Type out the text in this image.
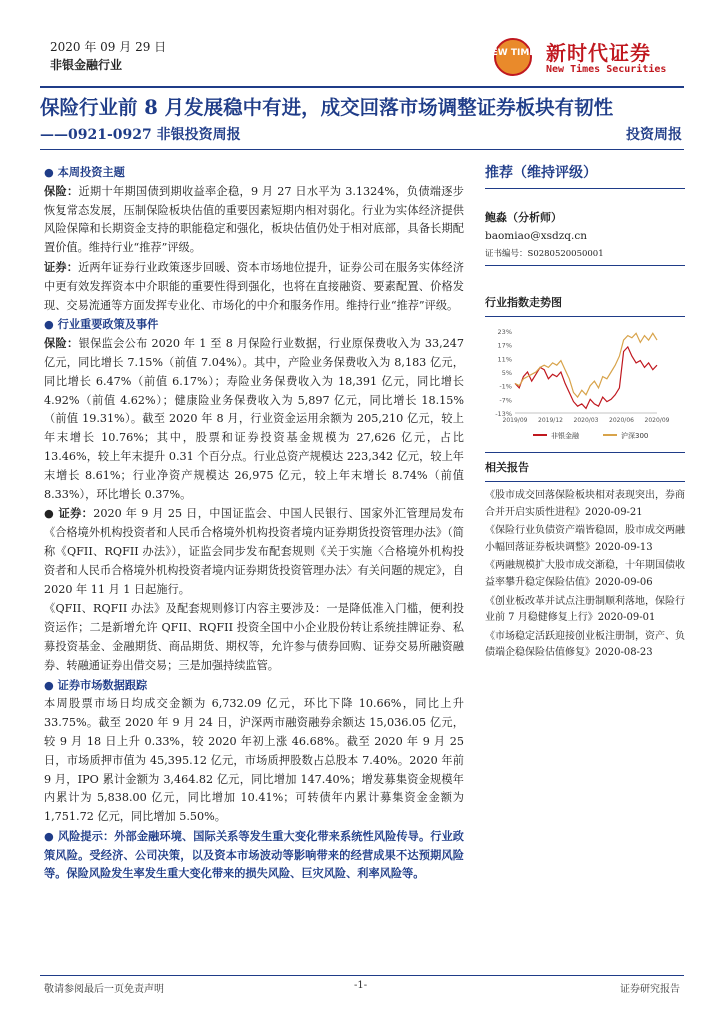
2020 年 09 月 29 日
非银金融行业
NEW TIMES 新时代证券
New Times Securities
保险行业前 8 月发展稳中有进，成交回落市场调整证券板块有韧性
——0921-0927 非银投资周报	投资周报
● 本周投资主题

保险：近期十年期国债到期收益率企稳，9 月 27 日水平为 3.1324%，负债端逐步恢复常态发展，压制保险板块估值的重要因素短期内相对弱化。行业为实体经济提供风险保障和长期资金支持的职能稳定和强化，板块估值仍处于相对底部，具备长期配置价值。维持行业“推荐”评级。

证券：近两年证券行业政策逐步回暖、资本市场地位提升，证券公司在服务实体经济中更有效发挥资本中介职能的重要性得到强化，也将在直接融资、要素配置、价格发现、交易流通等方面发挥专业化、市场化的中介和服务作用。维持行业“推荐”评级。

● 行业重要政策及事件

保险：银保监会公布 2020 年 1 至 8 月保险行业数据，行业原保费收入为 33,247 亿元，同比增长 7.15%（前值 7.04%）。其中，产险业务保费收入为 8,183 亿元，同比增长 6.47%（前值 6.17%）；寿险业务保费收入为 18,391 亿元，同比增长 4.92%（前值 4.62%）；健康险业务保费收入为 5,897 亿元，同比增长 18.15%（前值 19.31%）。截至 2020 年 8 月，行业资金运用余额为 205,210 亿元，较上年末增长 10.76%；其中，股票和证券投资基金规模为 27,626 亿元，占比 13.46%，较上年末提升 0.31 个百分点。行业总资产规模达 223,342 亿元，较上年末增长 8.61%；行业净资产规模达 26,975 亿元，较上年末增长 8.74%（前值 8.33%），环比增长 0.37%。

● 证券：2020 年 9 月 25 日，中国证监会、中国人民银行、国家外汇管理局发布《合格境外机构投资者和人民币合格境外机构投资者境内证券期货投资管理办法》（简称《QFII、RQFII 办法》），证监会同步发布配套规则《关于实施〈合格境外机构投资者和人民币合格境外机构投资者境内证券期货投资管理办法〉有关问题的规定》，自 2020 年 11 月 1 日起施行。

《QFII、RQFII 办法》及配套规则修订内容主要涉及：一是降低准入门槛，便利投资运作；二是新增允许 QFII、RQFII 投资全国中小企业股份转让系统挂牌证券、私募投资基金、金融期货、商品期货、期权等，允许参与债券回购、证券交易所融资融券、转融通证券出借交易；三是加强持续监管。

● 证券市场数据跟踪

本周股票市场日均成交金额为 6,732.09 亿元，环比下降 10.66%，同比上升 33.75%。截至 2020 年 9 月 24 日，沪深两市融资融券余额达 15,036.05 亿元，较 9 月 18 日上升 0.33%，较 2020 年初上涨 46.68%。截至 2020 年 9 月 25 日，市场质押市值为 45,395.12 亿元，市场质押股数占总股本 7.40%。2020 年前 9 月，IPO 累计金额为 3,464.82 亿元，同比增加 147.40%；增发募集资金规模年内累计为 5,838.00 亿元，同比增加 10.41%；可转债年内累计募集资金金额为 1,751.72 亿元，同比增加 5.50%。

● 风险提示：外部金融环境、国际关系等发生重大变化带来系统性风险传导。行业政策风险。受经济、公司决策，以及资本市场波动等影响带来的经营成果不达预期风险等。保险风险发生率发生重大变化带来的损失风险、巨灾风险、利率风险等。

推荐（维持评级）
鲍淼（分析师）
baomiao@xsdzq.cn
证书编号：S0280520050001
行业指数走势图
23%
17%
11%
5%
-1%
-7%
-13%
2019/09 2019/12 2020/03 2020/06 2020/09
非银金融	沪深300
相关报告

《股市成交回落保险板块相对表现突出，券商合并开启实质性进程》2020-09-21

《保险行业负债资产端皆稳固，股市成交两融小幅回落证券板块调整》2020-09-13

《两融规模扩大股市成交渐稳，十年期国债收益率攀升稳定保险估值》2020-09-06

《创业板改革并试点注册制顺利落地，保险行业前 7 月稳健修复上行》2020-09-01

《市场稳定活跃迎接创业板注册制，资产、负债端企稳保险估值修复》2020-08-23

敬请参阅最后一页免责声明	-1-	证券研究报告
